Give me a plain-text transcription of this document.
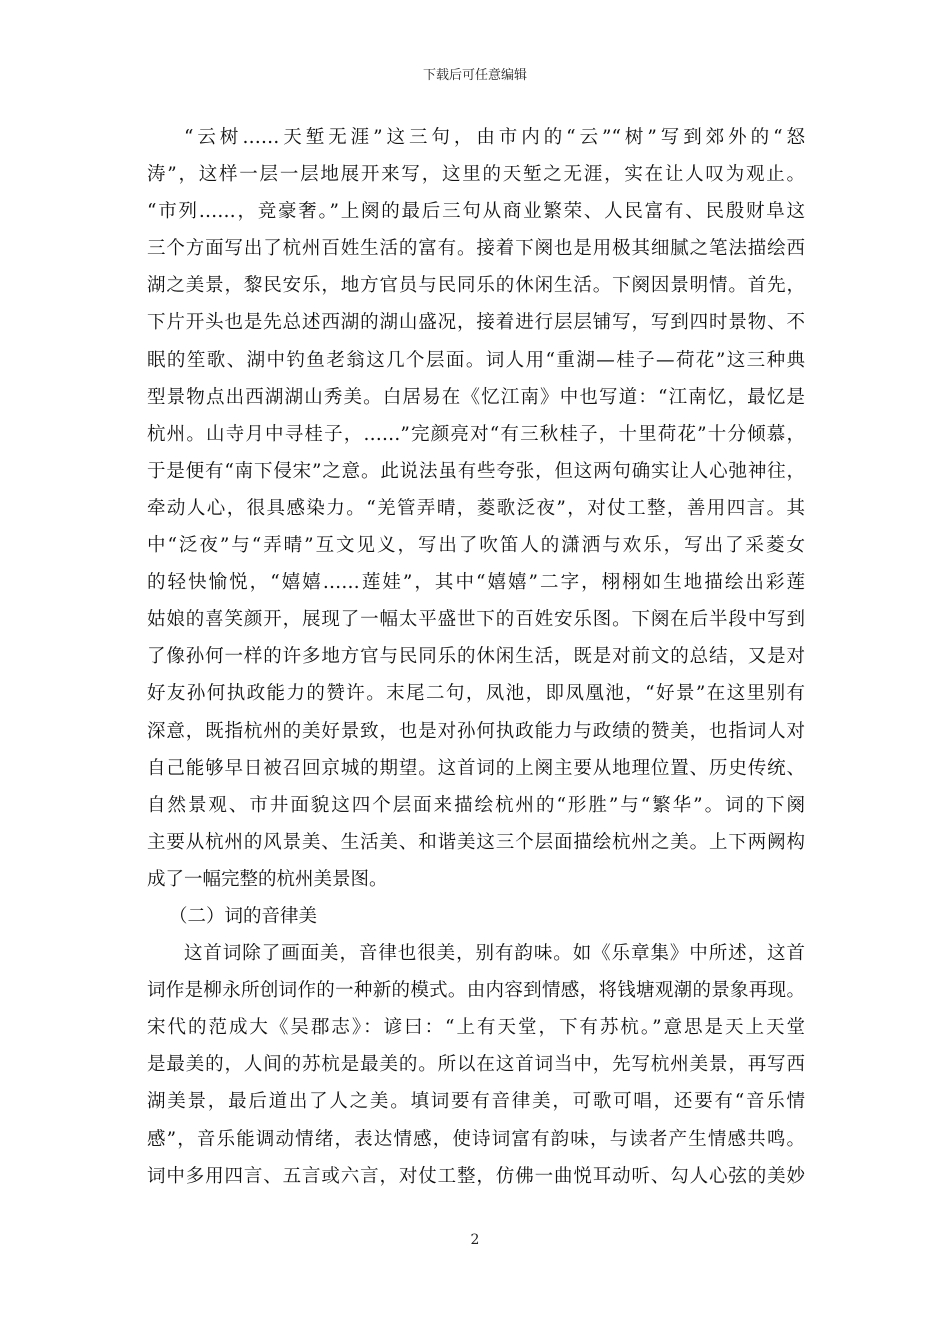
下载后可任意编辑
“云树……天堑无涯”这三句，由市内的“云”“树”写到郊外的“怒
涛”，这样一层一层地展开来写，这里的天堑之无涯，实在让人叹为观止。
“市列……，竞豪奢。”上阕的最后三句从商业繁荣、人民富有、民殷财阜这
三个方面写出了杭州百姓生活的富有。接着下阕也是用极其细腻之笔法描绘西
湖之美景，黎民安乐，地方官员与民同乐的休闲生活。下阕因景明情。首先，
下片开头也是先总述西湖的湖山盛况，接着进行层层铺写，写到四时景物、不
眠的笙歌、湖中钓鱼老翁这几个层面。词人用“重湖—桂子—荷花”这三种典
型景物点出西湖湖山秀美。白居易在《忆江南》中也写道：“江南忆，最忆是
杭州。山寺月中寻桂子，……”完颜亮对“有三秋桂子，十里荷花”十分倾慕，
于是便有“南下侵宋”之意。此说法虽有些夸张，但这两句确实让人心弛神往，
牵动人心，很具感染力。“羌管弄晴，菱歌泛夜”，对仗工整，善用四言。其
中“泛夜”与“弄晴”互文见义，写出了吹笛人的潇洒与欢乐，写出了采菱女
的轻快愉悦，“嬉嬉……莲娃”，其中“嬉嬉”二字，栩栩如生地描绘出彩莲
姑娘的喜笑颜开，展现了一幅太平盛世下的百姓安乐图。下阕在后半段中写到
了像孙何一样的许多地方官与民同乐的休闲生活，既是对前文的总结，又是对
好友孙何执政能力的赞许。末尾二句，凤池，即凤凰池，“好景”在这里别有
深意，既指杭州的美好景致，也是对孙何执政能力与政绩的赞美，也指词人对
自己能够早日被召回京城的期望。这首词的上阕主要从地理位置、历史传统、
自然景观、市井面貌这四个层面来描绘杭州的“形胜”与“繁华”。词的下阕
主要从杭州的风景美、生活美、和谐美这三个层面描绘杭州之美。上下两阙构
成了一幅完整的杭州美景图。
（二）词的音律美
这首词除了画面美，音律也很美，别有韵味。如《乐章集》中所述，这首
词作是柳永所创词作的一种新的模式。由内容到情感，将钱塘观潮的景象再现。
宋代的范成大《吴郡志》：谚曰：“上有天堂，下有苏杭。”意思是天上天堂
是最美的，人间的苏杭是最美的。所以在这首词当中，先写杭州美景，再写西
湖美景，最后道出了人之美。填词要有音律美，可歌可唱，还要有“音乐情
感”，音乐能调动情绪，表达情感，使诗词富有韵味，与读者产生情感共鸣。
词中多用四言、五言或六言，对仗工整，仿佛一曲悦耳动听、勾人心弦的美妙
2
